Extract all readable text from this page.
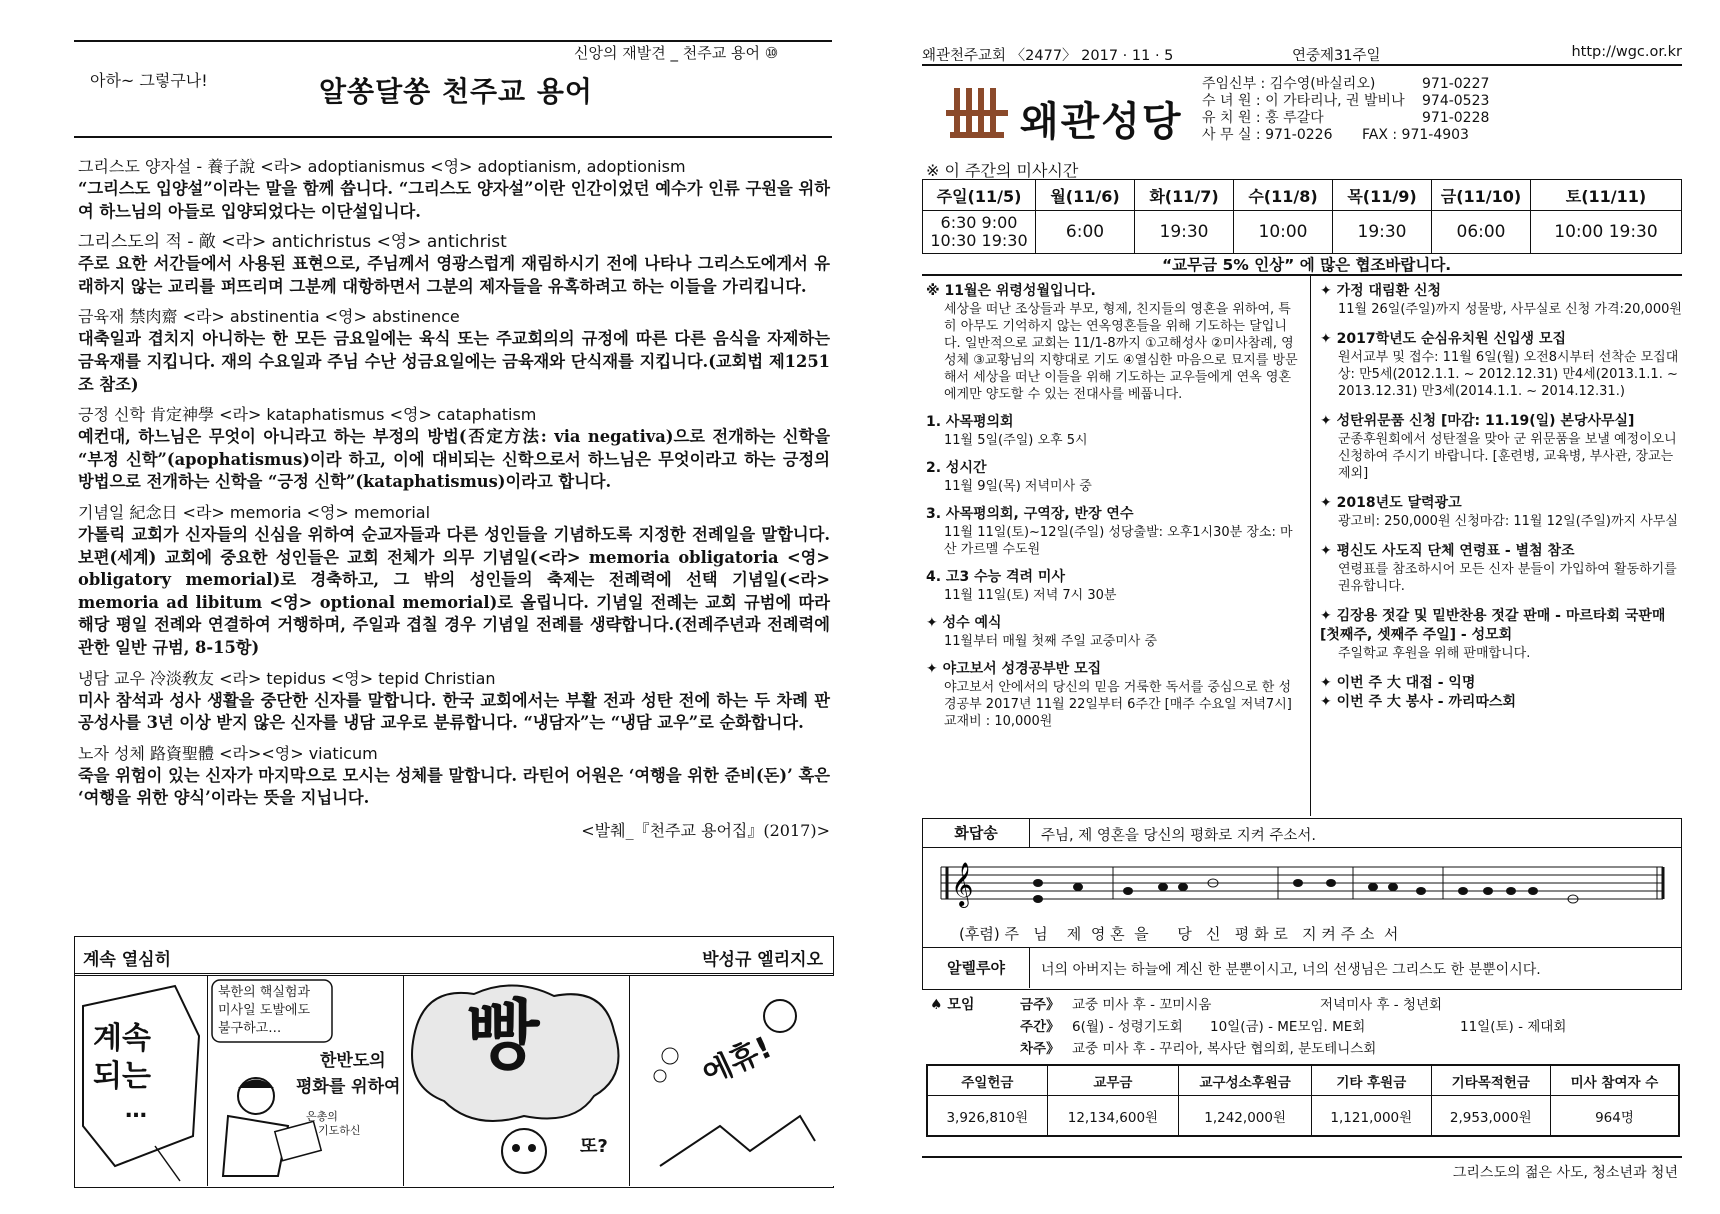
신앙의 재발견 _ 천주교 용어 ⑩
아하~ 그렇구나!	알쏭달쏭 천주교 용어

그리스도 양자설 - 養子說 <라> adoptianismus <영> adoptianism, adoptionism

“그리스도 입양설”이라는 말을 함께 씁니다. “그리스도 양자설”이란 인간이었던 예수가 인류 구원을 위하여 하느님의 아들로 입양되었다는 이단설입니다.

그리스도의 적 - 敵 <라> antichristus <영> antichrist

주로 요한 서간들에서 사용된 표현으로, 주님께서 영광스럽게 재림하시기 전에 나타나 그리스도에게서 유래하지 않는 교리를 퍼뜨리며 그분께 대항하면서 그분의 제자들을 유혹하려고 하는 이들을 가리킵니다.

금육재 禁肉齋 <라> abstinentia <영> abstinence

대축일과 겹치지 아니하는 한 모든 금요일에는 육식 또는 주교회의의 규정에 따른 다른 음식을 자제하는 금육재를 지킵니다. 재의 수요일과 주님 수난 성금요일에는 금육재와 단식재를 지킵니다.(교회법 제1251조 참조)

긍정 신학 肯定神學 <라> kataphatismus <영> cataphatism

예컨대, 하느님은 무엇이 아니라고 하는 부정의 방법(否定方法: via negativa)으로 전개하는 신학을 “부정 신학”(apophatismus)이라 하고, 이에 대비되는 신학으로서 하느님은 무엇이라고 하는 긍정의 방법으로 전개하는 신학을 “긍정 신학”(kataphatismus)이라고 합니다.

기념일 紀念日 <라> memoria <영> memorial

가톨릭 교회가 신자들의 신심을 위하여 순교자들과 다른 성인들을 기념하도록 지정한 전례일을 말합니다. 보편(세계) 교회에 중요한 성인들은 교회 전체가 의무 기념일(<라> memoria obligatoria <영> obligatory memorial)로 경축하고, 그 밖의 성인들의 축제는 전례력에 선택 기념일(<라> memoria ad libitum <영> optional memorial)로 올립니다. 기념일 전례는 교회 규범에 따라 해당 평일 전례와 연결하여 거행하며, 주일과 겹칠 경우 기념일 전례를 생략합니다.(전례주년과 전례력에 관한 일반 규범, 8-15항)

냉담 교우 冷淡敎友 <라> tepidus <영> tepid Christian

미사 참석과 성사 생활을 중단한 신자를 말합니다. 한국 교회에서는 부활 전과 성탄 전에 하는 두 차례 판공성사를 3년 이상 받지 않은 신자를 냉담 교우로 분류합니다. “냉담자”는 “냉담 교우”로 순화합니다.

노자 성체 路資聖體 <라><영> viaticum

죽을 위험이 있는 신자가 마지막으로 모시는 성체를 말합니다. 라틴어 어원은 ‘여행을 위한 준비(돈)’ 혹은 ‘여행을 위한 양식’이라는 뜻을 지닙니다.

<발췌_『천주교 용어집』(2017)>
계속 열심히	박성규 엘리지오
계속
되는
…
북한의 핵실험과
미사일 도발에도
불구하고…
한반도의
평화를 위하여
은총의
기도하신
빵
또?
에휴!
왜관천주교회 〈2477〉 2017 · 11 · 5	연중제31주일	http://wgc.or.kr
왜관성당
주임신부 : 김수영(바실리오)	971-0227
수 녀 원 : 이 가타리나, 권 발비나 974-0523
유 치 원 : 홍 루갈다	971-0228
사 무 실 : 971-0226 FAX : 971-4903
※ 이 주간의 미사시간
주일(11/5)	월(11/6)	화(11/7)	수(11/8)	목(11/9)	금(11/10)	토(11/11)

6:30 9:00
10:30 19:30	6:00	19:30	10:00	19:30	06:00	10:00 19:30
“교무금 5% 인상” 에 많은 협조바랍니다.
※ 11월은 위령성월입니다.
세상을 떠난 조상들과 부모, 형제, 친지들의 영혼을 위하여, 특히 아무도 기억하지 않는 연옥영혼들을 위해 기도하는 달입니다. 일반적으로 교회는 11/1-8까지 ①고해성사 ②미사참례, 영성체 ③교황님의 지향대로 기도 ④열심한 마음으로 묘지를 방문해서 세상을 떠난 이들을 위해 기도하는 교우들에게 연옥 영혼에게만 양도할 수 있는 전대사를 베풉니다.
1. 사목평의회
11월 5일(주일) 오후 5시
2. 성시간
11월 9일(목) 저녁미사 중
3. 사목평의회, 구역장, 반장 연수
11월 11일(토)~12일(주일) 성당출발: 오후1시30분 장소: 마산 가르멜 수도원
4. 고3 수능 격려 미사
11월 11일(토) 저녁 7시 30분
✦ 성수 예식
11월부터 매월 첫째 주일 교중미사 중
✦ 야고보서 성경공부반 모집
야고보서 안에서의 당신의 믿음 거룩한 독서를 중심으로 한 성경공부 2017년 11월 22일부터 6주간 [매주 수요일 저녁7시] 교재비 : 10,000원
✦ 가정 대림환 신청
11월 26일(주일)까지 성물방, 사무실로 신청 가격:20,000원
✦ 2017학년도 순심유치원 신입생 모집
원서교부 및 접수: 11월 6일(월) 오전8시부터 선착순 모집대상: 만5세(2012.1.1. ~ 2012.12.31) 만4세(2013.1.1. ~ 2013.12.31) 만3세(2014.1.1. ~ 2014.12.31.)
✦ 성탄위문품 신청 [마감: 11.19(일) 본당사무실]
군종후원회에서 성탄절을 맞아 군 위문품을 보낼 예정이오니 신청하여 주시기 바랍니다. [훈련병, 교육병, 부사관, 장교는 제외]
✦ 2018년도 달력광고
광고비: 250,000원 신청마감: 11월 12일(주일)까지 사무실
✦ 평신도 사도직 단체 연령표 - 별첨 참조
연령표를 참조하시어 모든 신자 분들이 가입하여 활동하기를 권유합니다.
✦ 김장용 젓갈 및 밑반찬용 젓갈 판매 - 마르타회 국판매 [첫째주, 셋째주 주일] - 성모회
주일학교 후원을 위해 판매합니다.
✦ 이번 주 大 대접 - 익명
✦ 이번 주 大 봉사 - 까리따스회
화답송	주님, 제 영혼을 당신의 평화로 지켜 주소서.
𝄞
(후렴) 주   님    제  영 혼  을      당   신   평 화 로   지 켜 주 소  서
알렐루야	너의 아버지는 하늘에 계신 한 분뿐이시고, 너의 선생님은 그리스도 한 분뿐이시다.
♠ 모임	금주》 교중 미사 후 - 꼬미시움	저녁미사 후 - 청년회
주간》 6(월) - 성령기도회 10일(금) - ME모임. ME회	11일(토) - 제대회
차주》 교중 미사 후 - 꾸리아, 복사단 협의회, 분도테니스회
주일헌금	교무금	교구성소후원금	기타 후원금	기타목적헌금	미사 참여자 수
3,926,810원	12,134,600원	1,242,000원	1,121,000원	2,953,000원	964명
그리스도의 젊은 사도, 청소년과 청년
